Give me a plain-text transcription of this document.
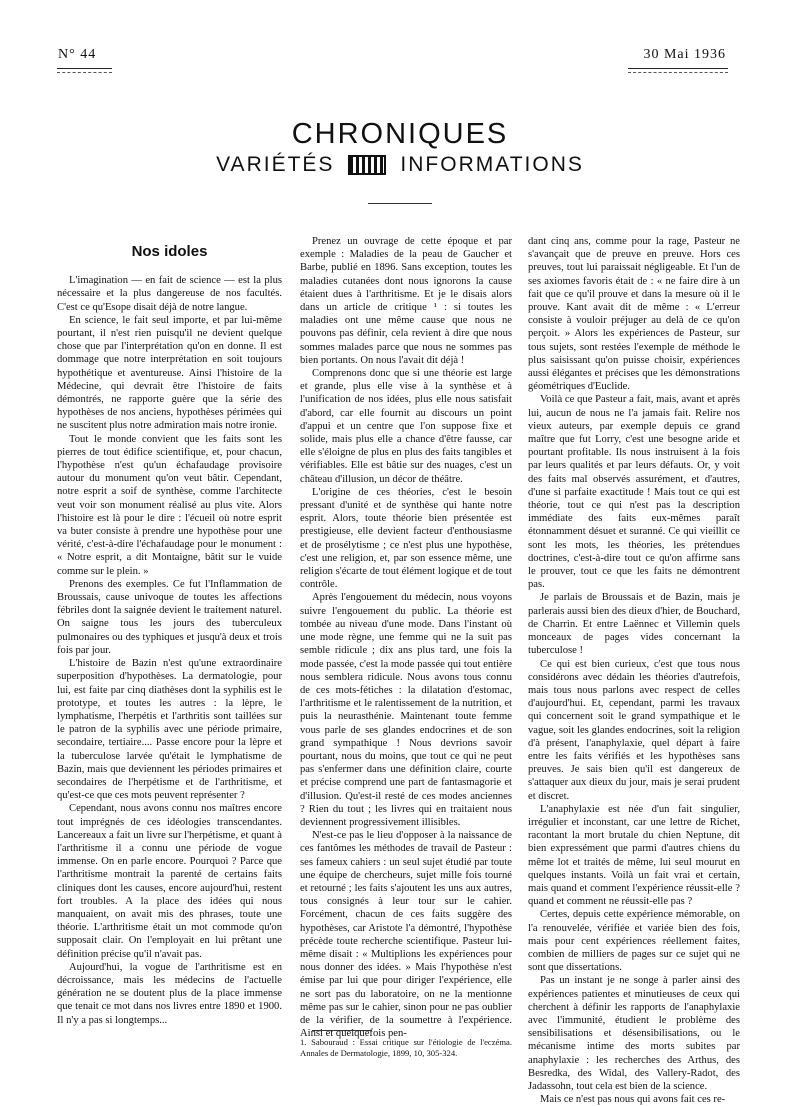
N° 44	30 Mai 1936
CHRONIQUES
VARIÉTÉS	INFORMATIONS
Nos idoles

L'imagination — en fait de science — est la plus nécessaire et la plus dangereuse de nos facultés. C'est ce qu'Esope disait déjà de notre langue.

En science, le fait seul importe, et par lui-même pourtant, il n'est rien puisqu'il ne devient quelque chose que par l'interprétation qu'on en donne. Il est dommage que notre interprétation en soit toujours hypothétique et aventureuse. Ainsi l'histoire de la Médecine, qui devrait être l'histoire de faits démontrés, ne rapporte guère que la série des hypothèses de nos anciens, hypothèses périmées qui ne suscitent plus notre admiration mais notre ironie.

Tout le monde convient que les faits sont les pierres de tout édifice scientifique, et, pour chacun, l'hypothèse n'est qu'un échafaudage provisoire autour du monument qu'on veut bâtir. Cependant, notre esprit a soif de synthèse, comme l'architecte veut voir son monument réalisé au plus vite. Alors l'histoire est là pour le dire : l'écueil où notre esprit va buter consiste à prendre une hypothèse pour une vérité, c'est-à-dire l'échafaudage pour le monument : « Notre esprit, a dit Montaigne, bâtit sur le vuide comme sur le plein. »

Prenons des exemples. Ce fut l'Inflammation de Broussais, cause univoque de toutes les affections fébriles dont la saignée devient le traitement naturel. On saigne tous les jours des tuberculeux pulmonaires ou des typhiques et jusqu'à deux et trois fois par jour.

L'histoire de Bazin n'est qu'une extraordinaire superposition d'hypothèses. La dermatologie, pour lui, est faite par cinq diathèses dont la syphilis est le prototype, et toutes les autres : la lèpre, le lymphatisme, l'herpétis et l'arthritis sont taillées sur le patron de la syphilis avec une période primaire, secondaire, tertiaire.... Passe encore pour la lèpre et la tuberculose larvée qu'était le lymphatisme de Bazin, mais que deviennent les périodes primaires et secondaires de l'herpétisme et de l'arthritisme, et qu'est-ce que ces mots peuvent représenter ?

Cependant, nous avons connu nos maîtres encore tout imprégnés de ces idéologies transcendantes. Lancereaux a fait un livre sur l'herpétisme, et quant à l'arthritisme il a connu une période de vogue immense. On en parle encore. Pourquoi ? Parce que l'arthritisme montrait la parenté de certains faits cliniques dont les causes, encore aujourd'hui, restent fort troubles. A la place des idées qui nous manquaient, on avait mis des phrases, toute une théorie. L'arthritisme était un mot commode qu'on supposait clair. On l'employait en lui prêtant une définition précise qu'il n'avait pas.

Aujourd'hui, la vogue de l'arthritisme est en décroissance, mais les médecins de l'actuelle génération ne se doutent plus de la place immense que tenait ce mot dans nos livres entre 1890 et 1900. Il n'y a pas si longtemps...

Prenez un ouvrage de cette époque et par exemple : Maladies de la peau de Gaucher et Barbe, publié en 1896. Sans exception, toutes les maladies cutanées dont nous ignorons la cause étaient dues à l'arthritisme. Et je le disais alors dans un article de critique ¹ : si toutes les maladies ont une même cause que nous ne pouvons pas définir, cela revient à dire que nous sommes malades parce que nous ne sommes pas bien portants. On nous l'avait dit déjà !

Comprenons donc que si une théorie est large et grande, plus elle vise à la synthèse et à l'unification de nos idées, plus elle nous satisfait d'abord, car elle fournit au discours un point d'appui et un centre que l'on suppose fixe et solide, mais plus elle a chance d'être fausse, car elle s'éloigne de plus en plus des faits tangibles et vérifiables. Elle est bâtie sur des nuages, c'est un château d'illusion, un décor de théâtre.

L'origine de ces théories, c'est le besoin pressant d'unité et de synthèse qui hante notre esprit. Alors, toute théorie bien présentée est prestigieuse, elle devient facteur d'enthousiasme et de prosélytisme ; ce n'est plus une hypothèse, c'est une religion, et, par son essence même, une religion s'écarte de tout élément logique et de tout contrôle.

Après l'engouement du médecin, nous voyons suivre l'engouement du public. La théorie est tombée au niveau d'une mode. Dans l'instant où une mode règne, une femme qui ne la suit pas semble ridicule ; dix ans plus tard, une fois la mode passée, c'est la mode passée qui tout entière nous semblera ridicule. Nous avons tous connu de ces mots-fétiches : la dilatation d'estomac, l'arthritisme et le ralentissement de la nutrition, et puis la neurasthénie. Maintenant toute femme vous parle de ses glandes endocrines et de son grand sympathique ! Nous devrions savoir pourtant, nous du moins, que tout ce qui ne peut pas s'enfermer dans une définition claire, courte et précise comprend une part de fantasmagorie et d'illusion. Qu'est-il resté de ces modes anciennes ? Rien du tout ; les livres qui en traitaient nous deviennent progressivement illisibles.

N'est-ce pas le lieu d'opposer à la naissance de ces fantômes les méthodes de travail de Pasteur : ses fameux cahiers : un seul sujet étudié par toute une équipe de chercheurs, sujet mille fois tourné et retourné ; les faits s'ajoutent les uns aux autres, tous consignés à leur tour sur le cahier. Forcément, chacun de ces faits suggère des hypothèses, car Aristote l'a démontré, l'hypothèse précède toute recherche scientifique. Pasteur lui-même disait : « Multiplions les expériences pour nous donner des idées. » Mais l'hypothèse n'est émise par lui que pour diriger l'expérience, elle ne sort pas du laboratoire, on ne la mentionne même pas sur le cahier, sinon pour ne pas oublier de la vérifier, de la soumettre à l'expérience. Ainsi et quelquefois pen-

dant cinq ans, comme pour la rage, Pasteur ne s'avançait que de preuve en preuve. Hors ces preuves, tout lui paraissait négligeable. Et l'un de ses axiomes favoris était de : « ne faire dire à un fait que ce qu'il prouve et dans la mesure où il le prouve. Kant avait dit de même : « L'erreur consiste à vouloir préjuger au delà de ce qu'on perçoit. » Alors les expériences de Pasteur, sur tous sujets, sont restées l'exemple de méthode le plus saisissant qu'on puisse choisir, expériences aussi élégantes et précises que les démonstrations géométriques d'Euclide.

Voilà ce que Pasteur a fait, mais, avant et après lui, aucun de nous ne l'a jamais fait. Relire nos vieux auteurs, par exemple depuis ce grand maître que fut Lorry, c'est une besogne aride et pourtant profitable. Ils nous instruisent à la fois par leurs qualités et par leurs défauts. Or, y voit des faits mal observés assurément, et d'autres, d'une si parfaite exactitude ! Mais tout ce qui est théorie, tout ce qui n'est pas la description immédiate des faits eux-mêmes paraît étonnamment désuet et suranné. Ce qui vieillit ce sont les mots, les théories, les prétendues doctrines, c'est-à-dire tout ce qu'on affirme sans le prouver, tout ce que les faits ne démontrent pas.

Je parlais de Broussais et de Bazin, mais je parlerais aussi bien des dieux d'hier, de Bouchard, de Charrin. Et entre Laënnec et Villemin quels monceaux de pages vides concernant la tuberculose !

Ce qui est bien curieux, c'est que tous nous considérons avec dédain les théories d'autrefois, mais tous nous parlons avec respect de celles d'aujourd'hui. Et, cependant, parmi les travaux qui concernent soit le grand sympathique et le vague, soit les glandes endocrines, soit la religion d'à présent, l'anaphylaxie, quel départ à faire entre les faits vérifiés et les hypothèses sans preuves. Je sais bien qu'il est dangereux de s'attaquer aux dieux du jour, mais je serai prudent et discret.

L'anaphylaxie est née d'un fait singulier, irrégulier et inconstant, car une lettre de Richet, racontant la mort brutale du chien Neptune, dit bien expressément que parmi d'autres chiens du même lot et traités de même, lui seul mourut en quelques instants. Voilà un fait vrai et certain, mais quand et comment l'expérience réussit-elle ? quand et comment ne réussit-elle pas ?

Certes, depuis cette expérience mémorable, on l'a renouvelée, vérifiée et variée bien des fois, mais pour cent expériences réellement faites, combien de milliers de pages sur ce sujet qui ne sont que dissertations.

Pas un instant je ne songe à parler ainsi des expériences patientes et minutieuses de ceux qui cherchent à définir les rapports de l'anaphylaxie avec l'immunité, étudient le problème des sensibilisations et désensibilisations, ou le mécanisme intime des morts subites par anaphylaxie : les recherches des Arthus, des Besredka, des Widal, des Vallery-Radot, des Jadassohn, tout cela est bien de la science.

Mais ce n'est pas nous qui avons fait ces re-

1. Sabouraud : Essai critique sur l'étiologie de l'eczéma. Annales de Dermatologie, 1899, 10, 305-324.
